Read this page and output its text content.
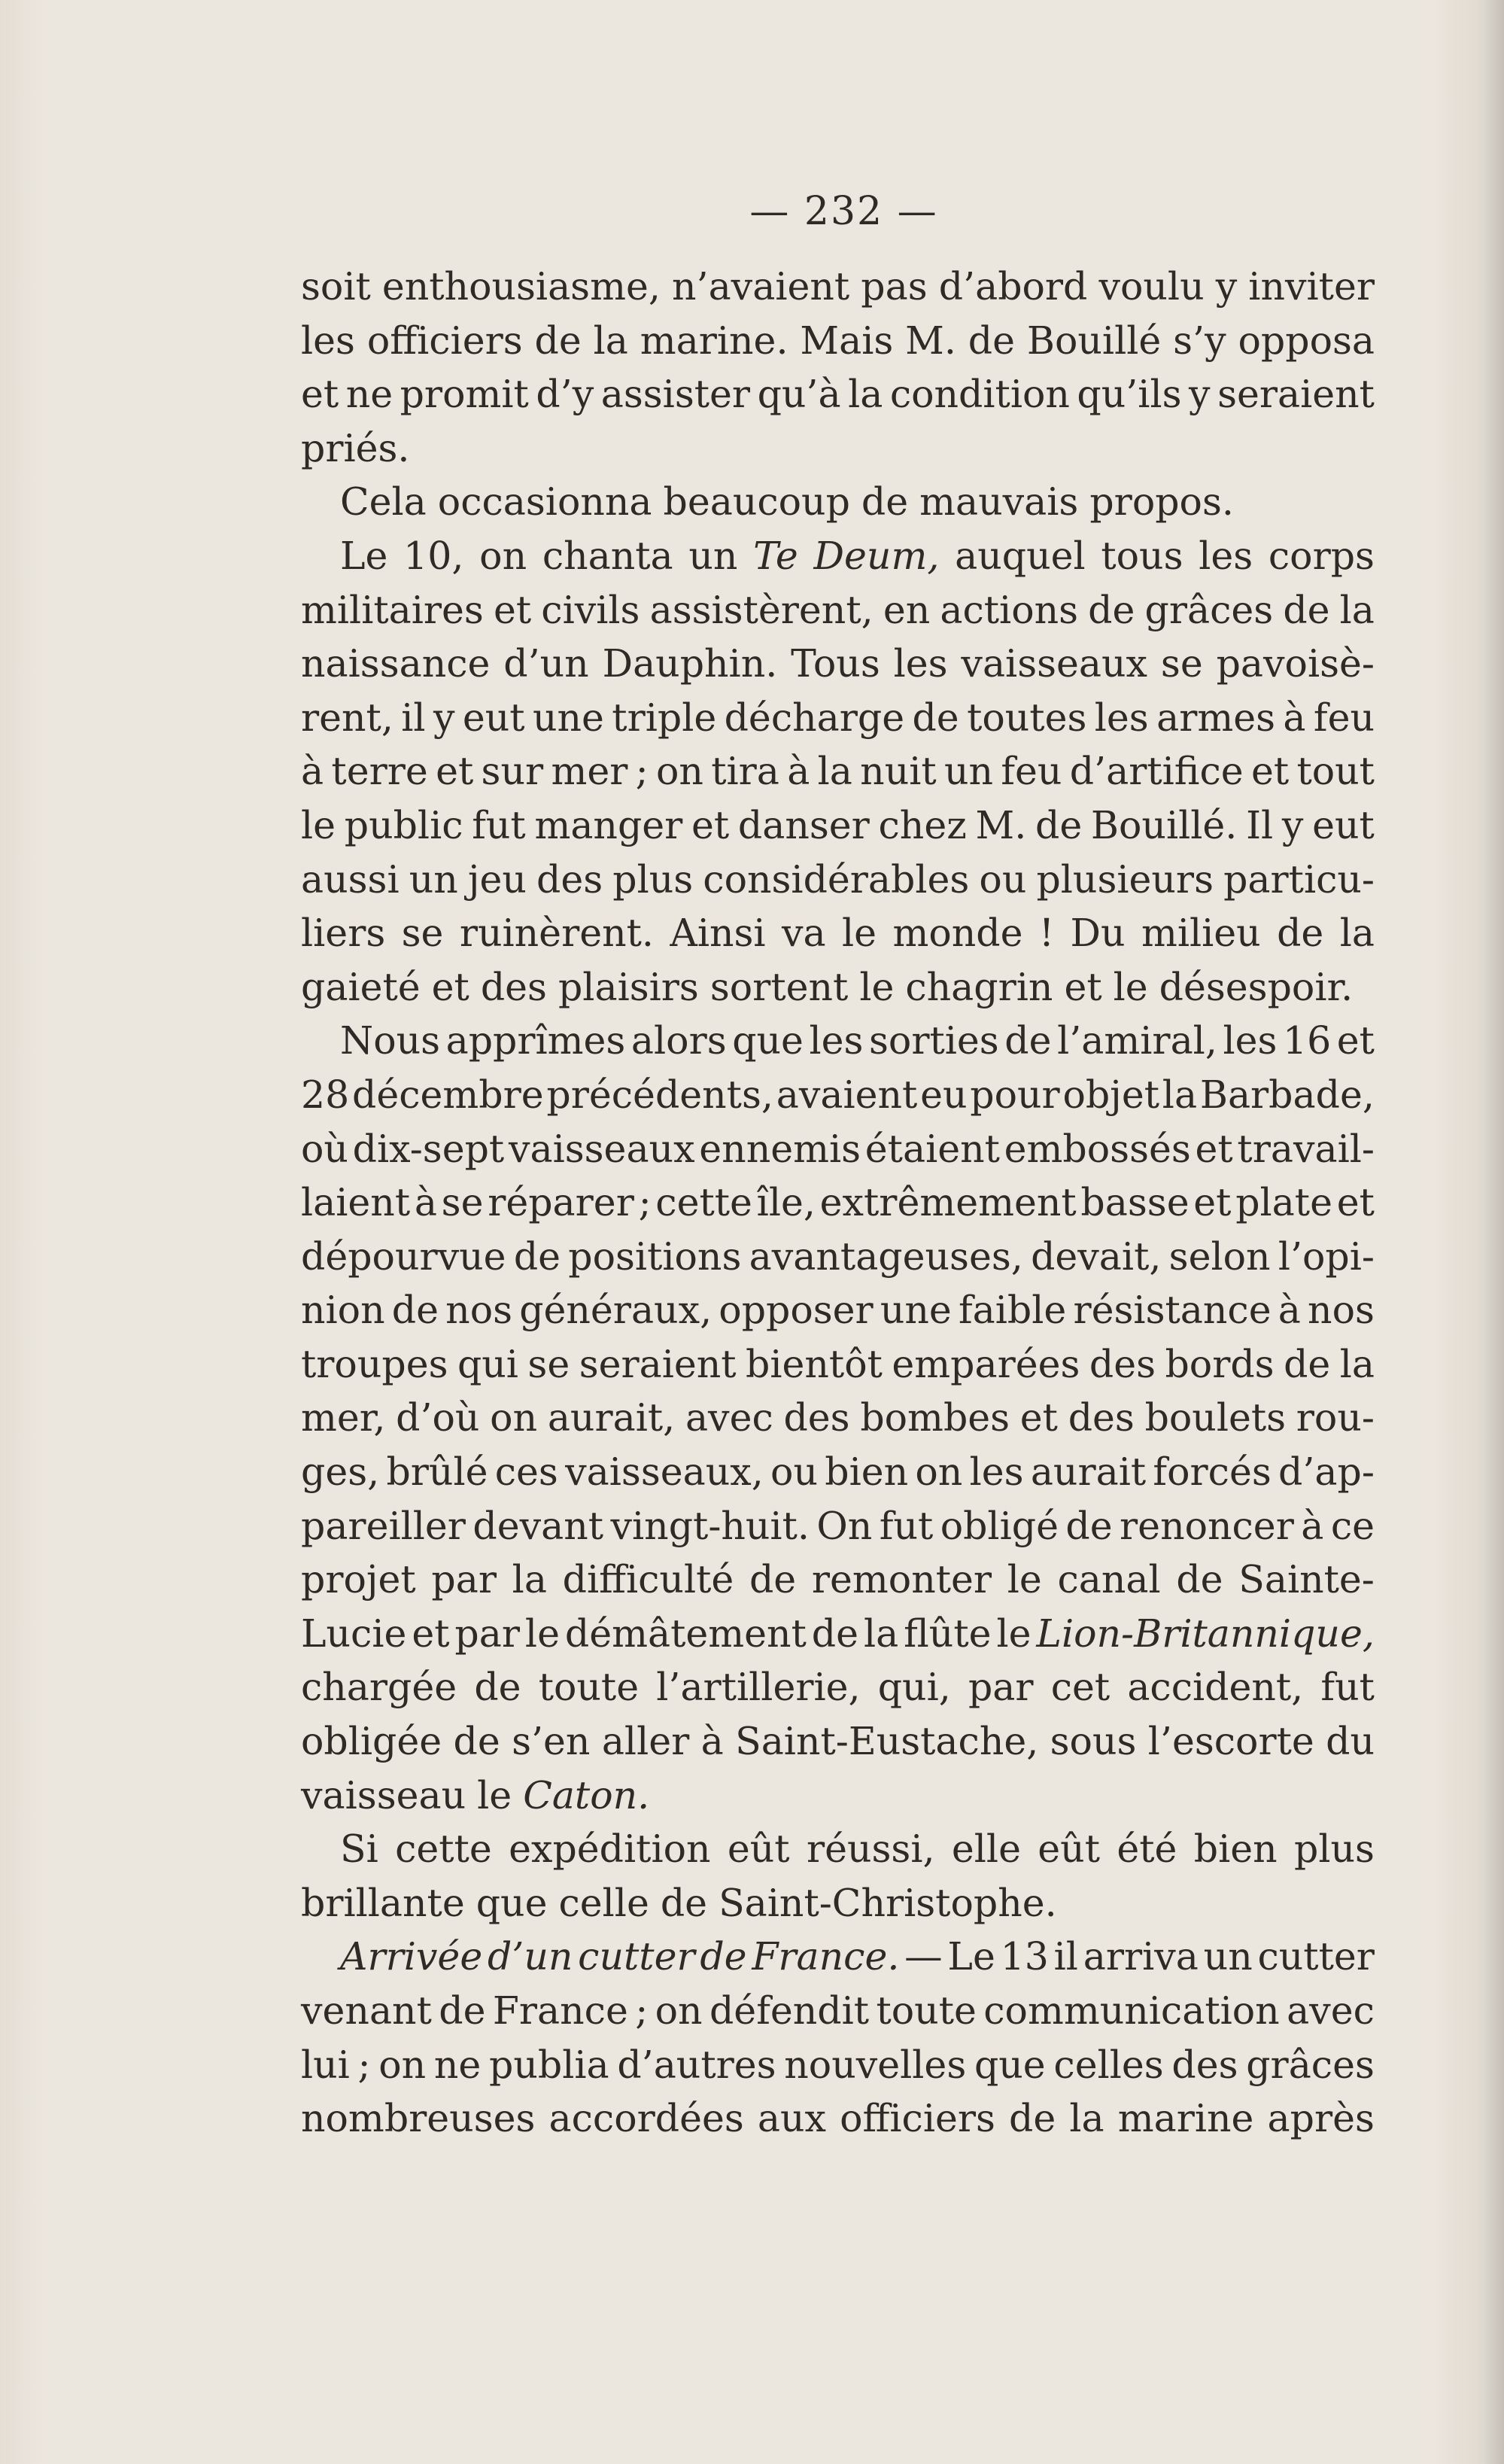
— 232 —
soit enthousiasme, n’avaient pas d’abord voulu y inviter
les officiers de la marine. Mais M. de Bouillé s’y opposa
et ne promit d’y assister qu’à la condition qu’ils y seraient
priés.
Cela occasionna beaucoup de mauvais propos.
Le 10, on chanta un Te Deum, auquel tous les corps
militaires et civils assistèrent, en actions de grâces de la
naissance d’un Dauphin. Tous les vaisseaux se pavoisè-
rent, il y eut une triple décharge de toutes les armes à feu
à terre et sur mer ; on tira à la nuit un feu d’artifice et tout
le public fut manger et danser chez M. de Bouillé. Il y eut
aussi un jeu des plus considérables ou plusieurs particu-
liers se ruinèrent. Ainsi va le monde ! Du milieu de la
gaieté et des plaisirs sortent le chagrin et le désespoir.
Nous apprîmes alors que les sorties de l’amiral, les 16 et
28 décembre précédents, avaient eu pour objet la Barbade,
où dix-sept vaisseaux ennemis étaient embossés et travail-
laient à se réparer ; cette île, extrêmement basse et plate et
dépourvue de positions avantageuses, devait, selon l’opi-
nion de nos généraux, opposer une faible résistance à nos
troupes qui se seraient bientôt emparées des bords de la
mer, d’où on aurait, avec des bombes et des boulets rou-
ges, brûlé ces vaisseaux, ou bien on les aurait forcés d’ap-
pareiller devant vingt-huit. On fut obligé de renoncer à ce
projet par la difficulté de remonter le canal de Sainte-
Lucie et par le démâtement de la flûte le Lion-Britannique,
chargée de toute l’artillerie, qui, par cet accident, fut
obligée de s’en aller à Saint-Eustache, sous l’escorte du
vaisseau le Caton.
Si cette expédition eût réussi, elle eût été bien plus
brillante que celle de Saint-Christophe.
Arrivée d’un cutter de France. — Le 13 il arriva un cutter
venant de France ; on défendit toute communication avec
lui ; on ne publia d’autres nouvelles que celles des grâces
nombreuses accordées aux officiers de la marine après
